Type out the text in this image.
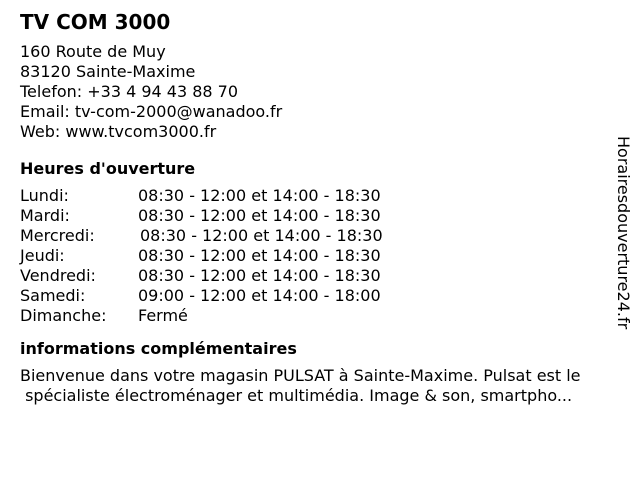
TV COM 3000
160 Route de Muy
83120 Sainte-Maxime
Telefon: +33 4 94 43 88 70
Email: tv-com-2000@wanadoo.fr
Web: www.tvcom3000.fr
Heures d'ouverture
Lundi:	08:30 - 12:00 et 14:00 - 18:30
Mardi:	08:30 - 12:00 et 14:00 - 18:30
Mercredi:	08:30 - 12:00 et 14:00 - 18:30
Jeudi:	08:30 - 12:00 et 14:00 - 18:30
Vendredi:	08:30 - 12:00 et 14:00 - 18:30
Samedi:	09:00 - 12:00 et 14:00 - 18:00
Dimanche: Fermé
informations complémentaires
Bienvenue dans votre magasin PULSAT à Sainte-Maxime. Pulsat est le
spécialiste électroménager et multimédia. Image & son, smartpho...
Horairesdouverture24.fr
